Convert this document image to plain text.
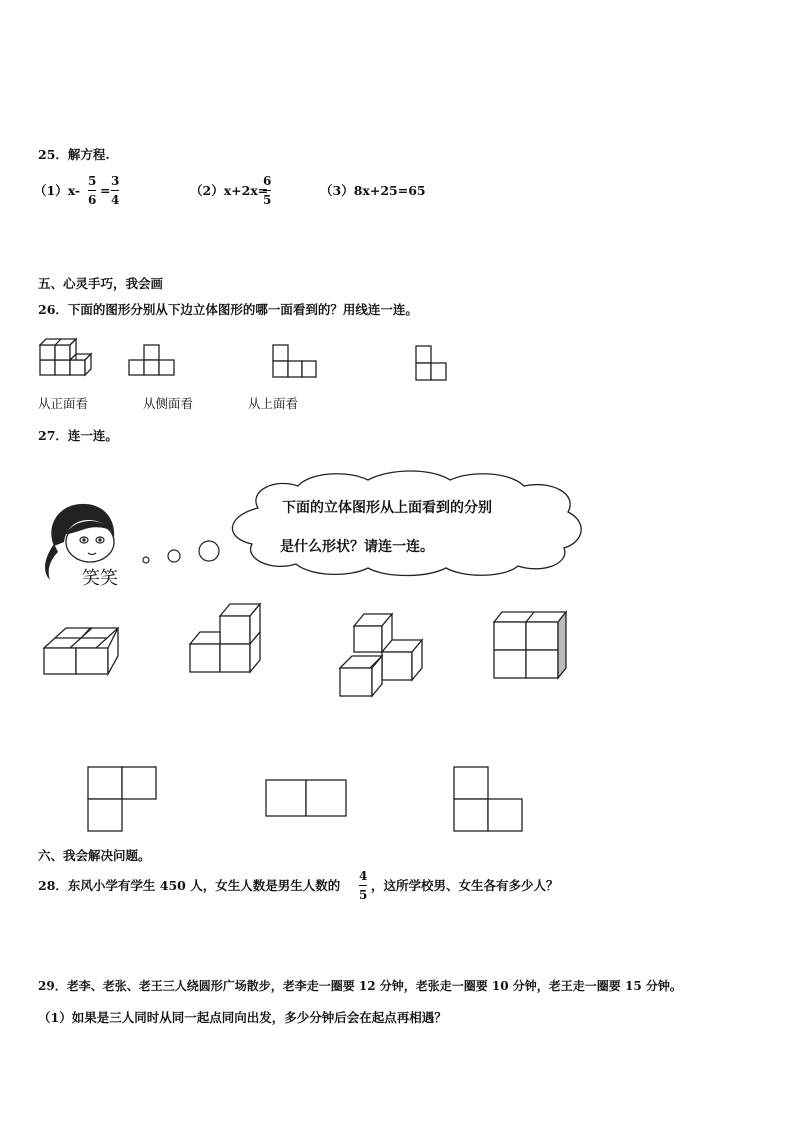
25．解方程.
（1）x-
5
6
=
3
4
（2）x+2x=
6
5
（3）8x+25=65
五、心灵手巧，我会画
26．下面的图形分别从下边立体图形的哪一面看到的？用线连一连。
从正面看	从侧面看	从上面看
27．连一连。
笑笑
下面的立体图形从上面看到的分别
是什么形状？请连一连。
六、我会解决问题。
28．东风小学有学生 450 人，女生人数是男生人数的
4
5
，这所学校男、女生各有多少人？
29．老李、老张、老王三人绕圆形广场散步，老李走一圈要 12 分钟，老张走一圈要 10 分钟，老王走一圈要 15 分钟。
（1）如果是三人同时从同一起点同向出发，多少分钟后会在起点再相遇？
